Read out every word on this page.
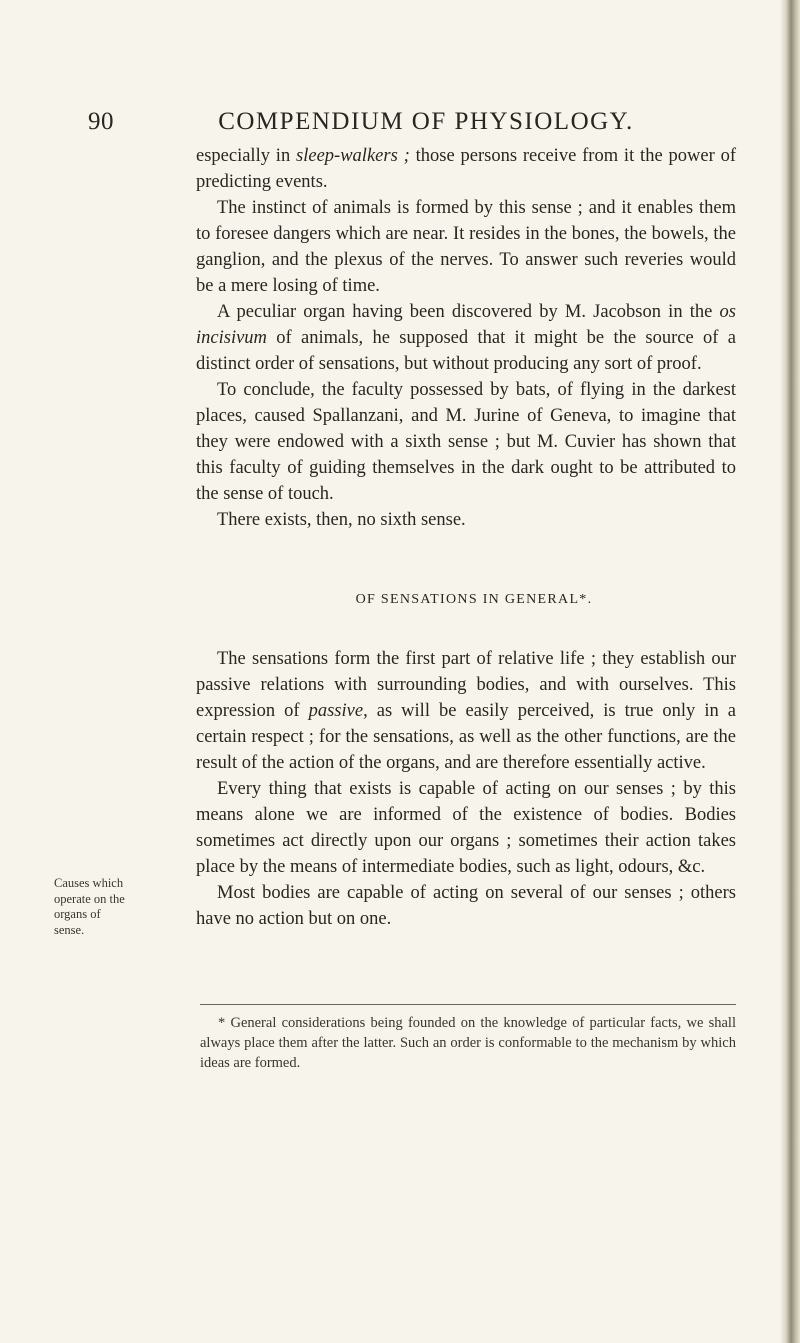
90	COMPENDIUM OF PHYSIOLOGY.

especially in sleep-walkers ; those persons receive from it the power of predicting events.

The instinct of animals is formed by this sense ; and it enables them to foresee dangers which are near. It resides in the bones, the bowels, the ganglion, and the plexus of the nerves. To answer such reveries would be a mere losing of time.

A peculiar organ having been discovered by M. Jacobson in the os incisivum of animals, he supposed that it might be the source of a distinct order of sensations, but without producing any sort of proof.

To conclude, the faculty possessed by bats, of flying in the darkest places, caused Spallanzani, and M. Jurine of Geneva, to imagine that they were endowed with a sixth sense ; but M. Cuvier has shown that this faculty of guiding themselves in the dark ought to be attributed to the sense of touch.

There exists, then, no sixth sense.

OF SENSATIONS IN GENERAL*.

The sensations form the first part of relative life ; they establish our passive relations with surrounding bodies, and with ourselves. This expression of passive, as will be easily perceived, is true only in a certain respect ; for the sensations, as well as the other functions, are the result of the action of the organs, and are therefore essentially active.

Every thing that exists is capable of acting on our senses ; by this means alone we are informed of the existence of bodies. Bodies sometimes act directly upon our organs ; sometimes their action takes place by the means of intermediate bodies, such as light, odours, &c.

Most bodies are capable of acting on several of our senses ; others have no action but on one.

Causes which
operate on the
organs of
sense.

* General considerations being founded on the knowledge of particular facts, we shall always place them after the latter. Such an order is conformable to the mechanism by which ideas are formed.
